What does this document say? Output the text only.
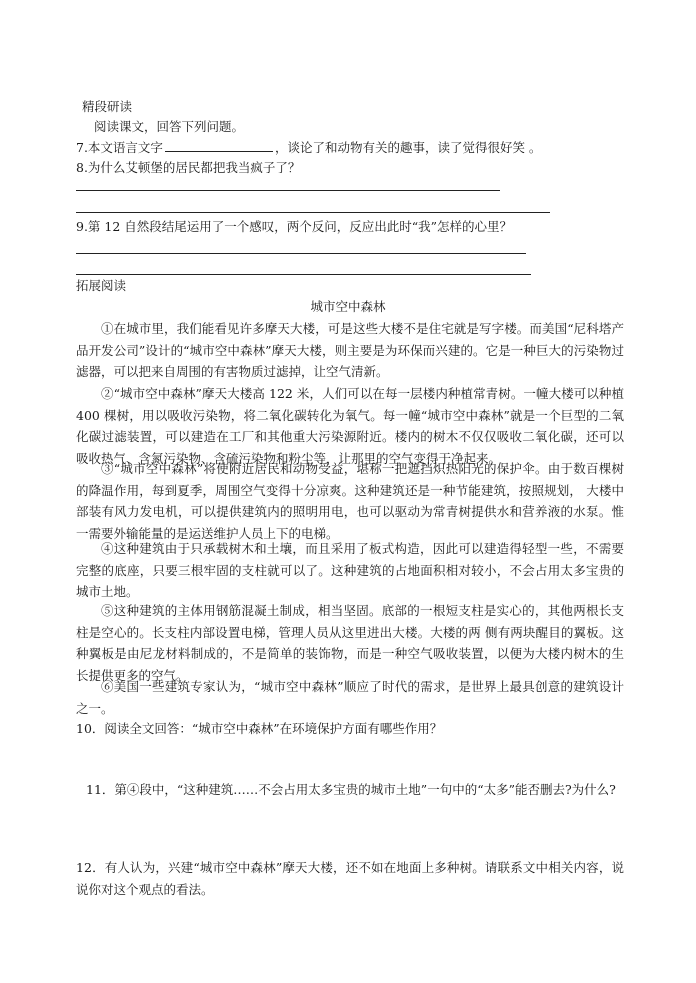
精段研读
阅读课文，回答下列问题。
7.本文语言文字	，谈论了和动物有关的趣事，读了觉得很好笑 。
8.为什么艾顿堡的居民都把我当疯子了？
9.第 12 自然段结尾运用了一个感叹，两个反问，反应出此时“我”怎样的心里？
拓展阅读
城市空中森林
①在城市里，我们能看见许多摩天大楼，可是这些大楼不是住宅就是写字楼。而美国“尼科塔产品开发公司”设计的“城市空中森林”摩天大楼，则主要是为环保而兴建的。它是一种巨大的污染物过滤器，可以把来自周围的有害物质过滤掉，让空气清新。
②“城市空中森林”摩天大楼高 122 米，人们可以在每一层楼内种植常青树。一幢大楼可以种植 400 棵树，用以吸收污染物，将二氧化碳转化为氧气。每一幢“城市空中森林”就是一个巨型的二氧化碳过滤装置，可以建造在工厂和其他重大污染源附近。楼内的树木不仅仅吸收二氧化碳，还可以吸收热气、含氮污染物、含硫污染物和粉尘等，让那里的空气变得干净起来。
③“城市空中森林”将使附近居民和动物受益，堪称一把遮挡炽热阳光的保护伞。由于数百棵树的降温作用，每到夏季，周围空气变得十分凉爽。这种建筑还是一种节能建筑，按照规划， 大楼中部装有风力发电机，可以提供建筑内的照明用电，也可以驱动为常青树提供水和营养液的水泵。惟一需要外输能量的是运送维护人员上下的电梯。
④这种建筑由于只承载树木和土壤，而且采用了板式构造，因此可以建造得轻型一些，不需要完整的底座，只要三根牢固的支柱就可以了。这种建筑的占地面积相对较小，不会占用太多宝贵的城市土地。
⑤这种建筑的主体用钢筋混凝土制成，相当坚固。底部的一根短支柱是实心的，其他两根长支柱是空心的。长支柱内部设置电梯，管理人员从这里进出大楼。大楼的两 侧有两块醒目的翼板。这种翼板是由尼龙材料制成的，不是简单的装饰物，而是一种空气吸收装置，以便为大楼内树木的生长提供更多的空气。
⑥美国一些建筑专家认为，“城市空中森林”顺应了时代的需求，是世界上最具创意的建筑设计之一。
10．阅读全文回答：“城市空中森林”在环境保护方面有哪些作用？
11．第④段中，“这种建筑……不会占用太多宝贵的城市土地”一句中的“太多”能否删去?为什么?
12．有人认为，兴建“城市空中森林”摩天大楼，还不如在地面上多种树。请联系文中相关内容，说说你对这个观点的看法。
